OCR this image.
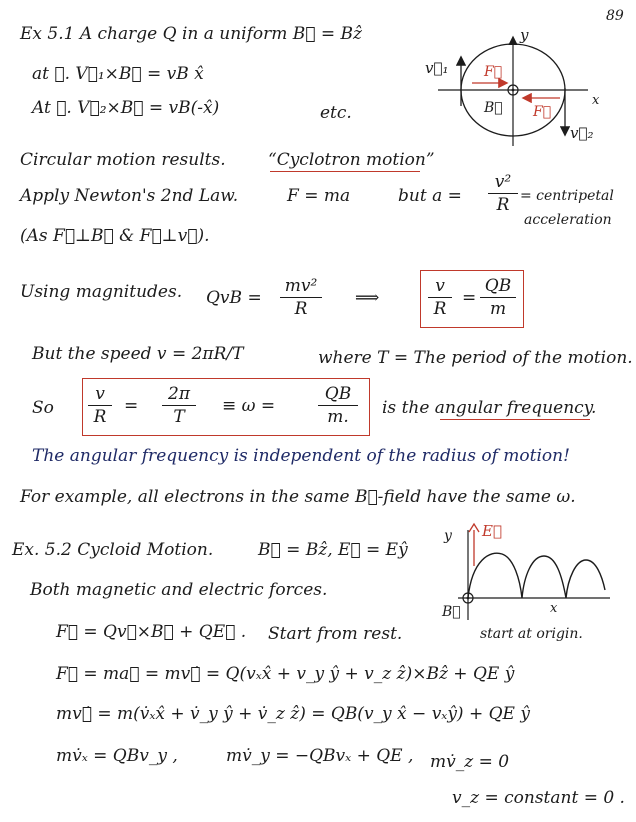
89
Ex 5.1 A charge Q in a uniform B⃗ = Bẑ
at ①. V⃗₁×B⃗ = vB x̂
At ②. V⃗₂×B⃗ = vB(-x̂)	etc.
Circular motion results. “Cyclotron motion”
Apply Newton's 2nd Law.	F = ma	but a =
v²
R = centripetal
acceleration
(As F⃗⊥B⃗ & F⃗⊥v⃗).
Using magnitudes. QvB =
mv²
R
⟹
v
R
=
QB
m
But the speed v = 2πR/T	where T = The period of the motion.
So
v
R
=
2π
T
≡ ω =
QB
m.	is the angular frequency.
The angular frequency is independent of the radius of motion!
For example, all electrons in the same B⃗-field have the same ω.
v⃗₁
v⃗₂
F⃗
F⃗
B⃗
y
x
Ex. 5.2 Cycloid Motion.	B⃗ = Bẑ, E⃗ = Eŷ
Both magnetic and electric forces.
F⃗ = Qv⃗×B⃗ + QE⃗ . Start from rest.	start at origin.
F⃗ = ma⃗ = mv⃗̇ = Q(vₓx̂ + v_y ŷ + v_z ẑ)×Bẑ + QE ŷ
mv⃗̇ = m(v̇ₓx̂ + v̇_y ŷ + v̇_z ẑ) = QB(v_y x̂ − vₓŷ) + QE ŷ
mv̇ₓ = QBv_y ,	mv̇_y = −QBvₓ + QE , mv̇_z = 0
v_z = constant = 0 .
y E⃗
B⃗	x
